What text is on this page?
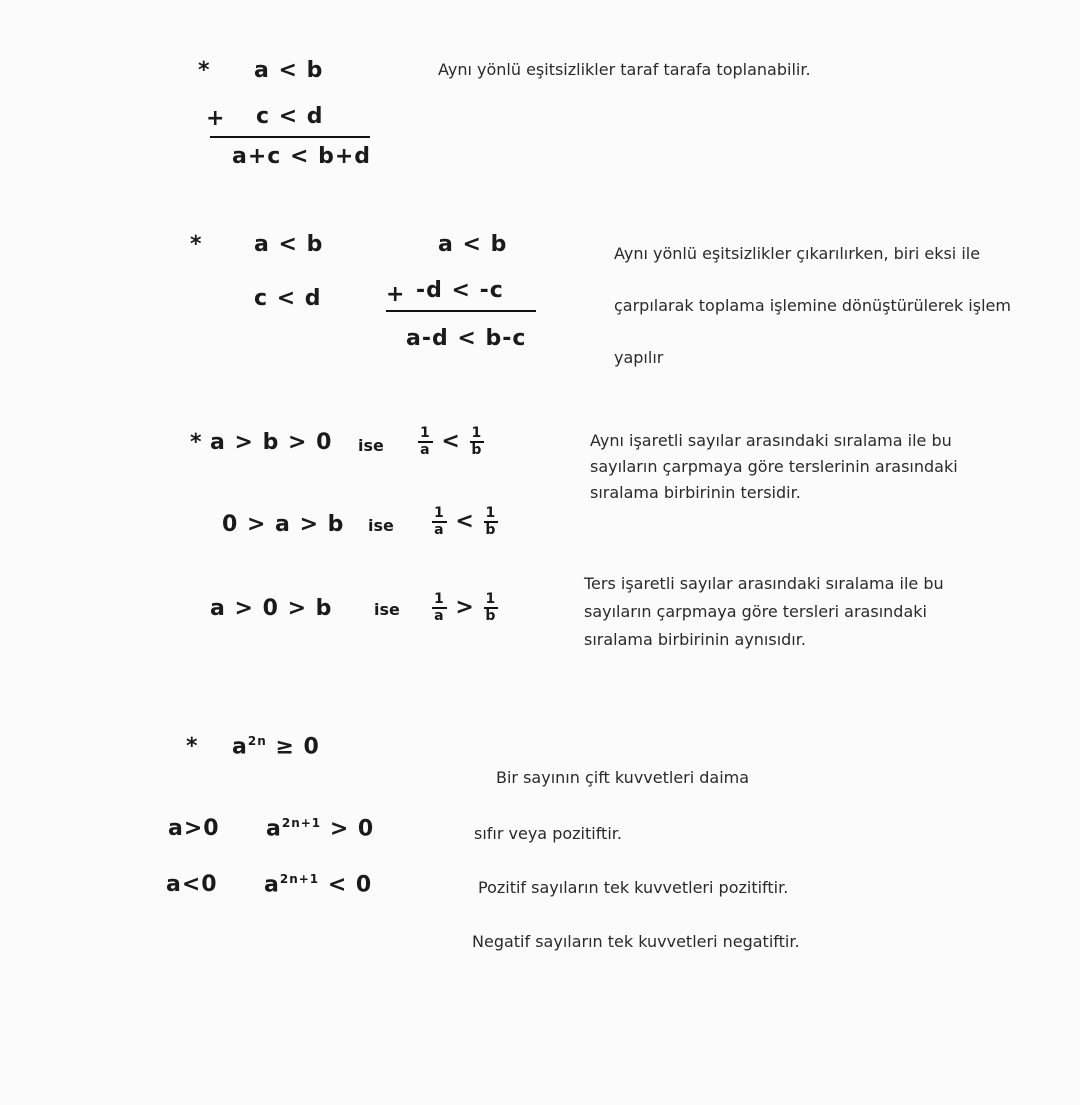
* a < b
+ c < d
a+c < b+d
Aynı yönlü eşitsizlikler taraf tarafa toplanabilir.
* a < b
c < d
a < b
+ -d < -c
a-d < b-c
Aynı yönlü eşitsizlikler çıkarılırken, biri eksi ile çarpılarak toplama işlemine dönüştürülerek işlem yapılır
* a > b > 0 ise $\frac{1}{a} < \frac{1}{b}$
0 > a > b ise	$\frac{1}{a} < \frac{1}{b}$
a > 0 > b	ise $\frac{1}{a} > \frac{1}{b}$
Aynı işaretli sayılar arasındaki sıralama ile bu sayıların çarpmaya göre terslerinin arasındaki sıralama birbirinin tersidir.
Ters işaretli sayılar arasındaki sıralama ile bu sayıların çarpmaya göre tersleri arasındaki sıralama birbirinin aynısıdır.
* $a^{2n} \ge 0$
a>0 $a^{2n+1} > 0$
a<0 $a^{2n+1} < 0$
Bir sayının çift kuvvetleri daima
sıfır veya pozitiftir.
Pozitif sayıların tek kuvvetleri pozitiftir.
Negatif sayıların tek kuvvetleri negatiftir.
